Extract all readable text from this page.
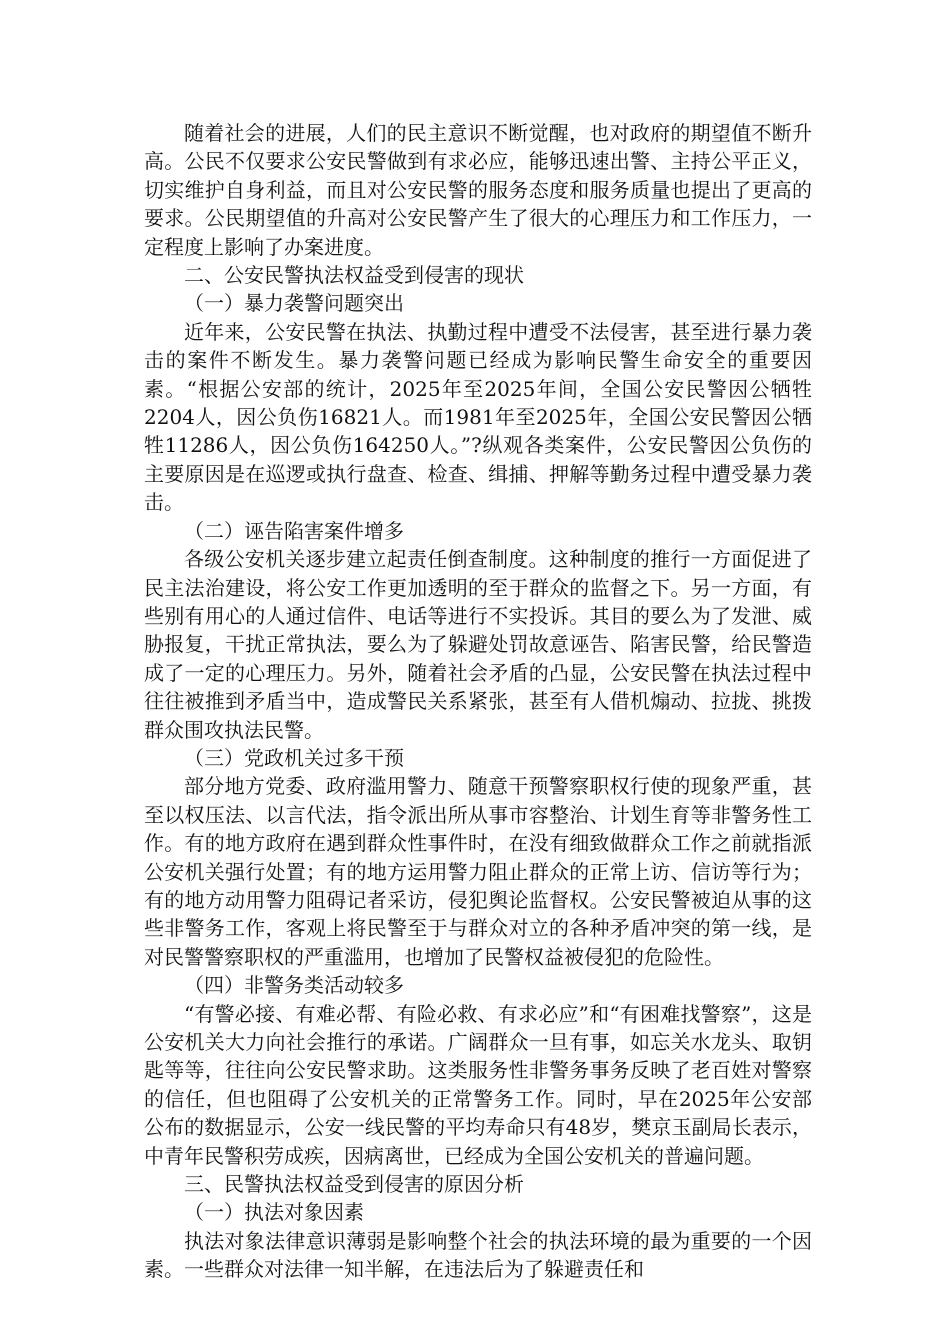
随着社会的进展，人们的民主意识不断觉醒，也对政府的期望值不断升高。公民不仅要求公安民警做到有求必应，能够迅速出警、主持公平正义，切实维护自身利益，而且对公安民警的服务态度和服务质量也提出了更高的要求。公民期望值的升高对公安民警产生了很大的心理压力和工作压力，一定程度上影响了办案进度。

二、公安民警执法权益受到侵害的现状

（一）暴力袭警问题突出

近年来，公安民警在执法、执勤过程中遭受不法侵害，甚至进行暴力袭击的案件不断发生。暴力袭警问题已经成为影响民警生命安全的重要因素。“根据公安部的统计，2025年至2025年间，全国公安民警因公牺牲2204人，因公负伤16821人。而1981年至2025年，全国公安民警因公牺牲11286人，因公负伤164250人。”?纵观各类案件，公安民警因公负伤的主要原因是在巡逻或执行盘查、检查、缉捕、押解等勤务过程中遭受暴力袭击。

（二）诬告陷害案件增多

各级公安机关逐步建立起责任倒查制度。这种制度的推行一方面促进了民主法治建设，将公安工作更加透明的至于群众的监督之下。另一方面，有些别有用心的人通过信件、电话等进行不实投诉。其目的要么为了发泄、威胁报复，干扰正常执法，要么为了躲避处罚故意诬告、陷害民警，给民警造成了一定的心理压力。另外，随着社会矛盾的凸显，公安民警在执法过程中往往被推到矛盾当中，造成警民关系紧张，甚至有人借机煽动、拉拢、挑拨群众围攻执法民警。

（三）党政机关过多干预

部分地方党委、政府滥用警力、随意干预警察职权行使的现象严重，甚至以权压法、以言代法，指令派出所从事市容整治、计划生育等非警务性工作。有的地方政府在遇到群众性事件时，在没有细致做群众工作之前就指派公安机关强行处置；有的地方运用警力阻止群众的正常上访、信访等行为；有的地方动用警力阻碍记者采访，侵犯舆论监督权。公安民警被迫从事的这些非警务工作，客观上将民警至于与群众对立的各种矛盾冲突的第一线，是对民警警察职权的严重滥用，也增加了民警权益被侵犯的危险性。

（四）非警务类活动较多

“有警必接、有难必帮、有险必救、有求必应”和“有困难找警察”，这是公安机关大力向社会推行的承诺。广阔群众一旦有事，如忘关水龙头、取钥匙等等，往往向公安民警求助。这类服务性非警务事务反映了老百姓对警察的信任，但也阻碍了公安机关的正常警务工作。同时，早在2025年公安部公布的数据显示，公安一线民警的平均寿命只有48岁，樊京玉副局长表示，中青年民警积劳成疾，因病离世，已经成为全国公安机关的普遍问题。

三、民警执法权益受到侵害的原因分析

（一）执法对象因素

执法对象法律意识薄弱是影响整个社会的执法环境的最为重要的一个因素。一些群众对法律一知半解，在违法后为了躲避责任和
